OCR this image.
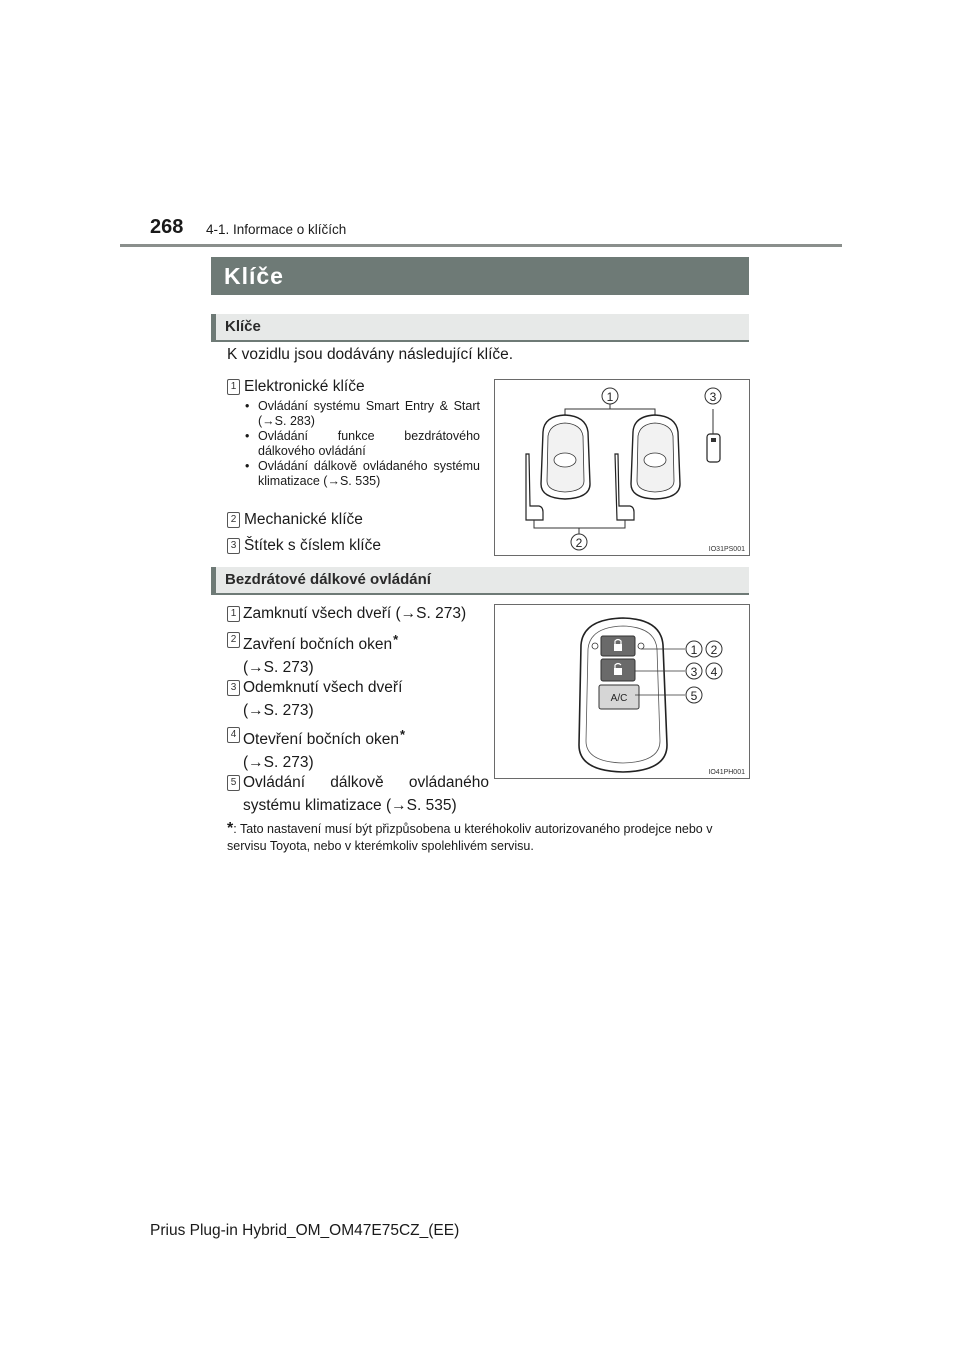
268 4-1. Informace o klíčích
Klíče
Klíče
K vozidlu jsou dodávány následující klíče.
1 Elektronické klíče
• Ovládání systému Smart Entry & Start (→S. 283)
• Ovládání funkce bezdrátového dálkového ovládání
• Ovládání dálkově ovládaného systému klimatizace (→S. 535)
2 Mechanické klíče
3 Štítek s číslem klíče
1
2
3
IO31PS001
Bezdrátové dálkové ovládání
1 Zamknutí všech dveří (→S. 273)
2 Zavření bočních oken*
(→S. 273)
3 Odemknutí všech dveří
(→S. 273)
4 Otevření bočních oken*
(→S. 273)
5 Ovládání dálkově ovládaného
systému klimatizace (→S. 535)
A/C
1 2
3 4
5
IO41PH001
*: Tato nastavení musí být přizpůsobena u kteréhokoliv autorizovaného prodejce nebo v servisu Toyota, nebo v kterémkoliv spolehlivém servisu.
Prius Plug-in Hybrid_OM_OM47E75CZ_(EE)
